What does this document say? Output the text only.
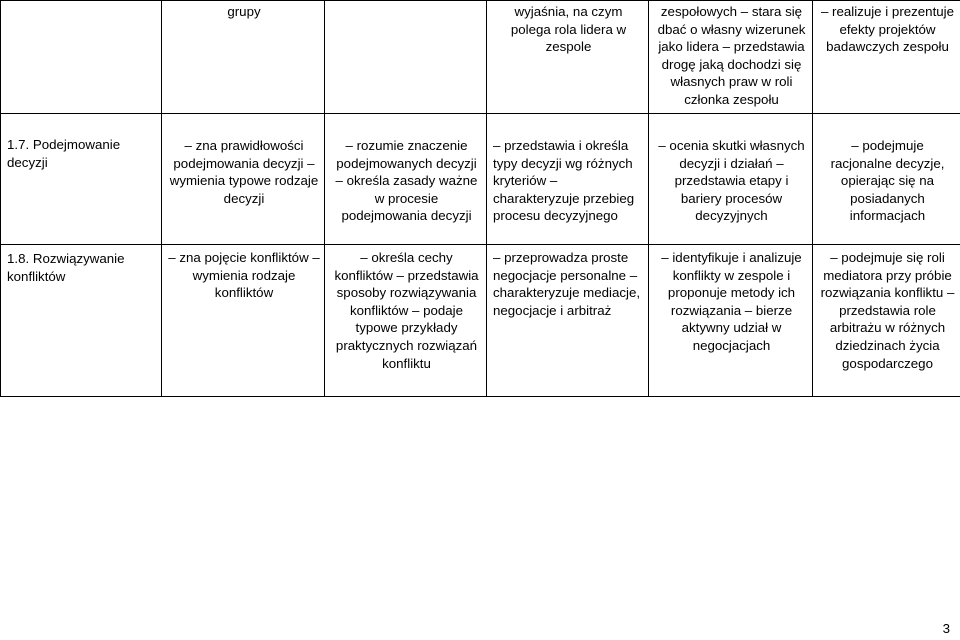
	grupy		wyjaśnia, na czym polega rola lidera w zespole	zespołowych – stara się dbać o własny wizerunek jako lidera – przedstawia drogę jaką dochodzi się własnych praw w roli członka zespołu	– realizuje i prezentuje efekty projektów badawczych zespołu

1.7. Podejmowanie decyzji	– zna prawidłowości podejmowania decyzji – wymienia typowe rodzaje decyzji	– rozumie znaczenie podejmowanych decyzji – określa zasady ważne w procesie podejmowania decyzji	– przedstawia i określa typy decyzji wg różnych kryteriów – charakteryzuje przebieg procesu decyzyjnego	– ocenia skutki własnych decyzji i działań – przedstawia etapy i bariery procesów decyzyjnych	– podejmuje racjonalne decyzje, opierając się na posiadanych informacjach

1.8. Rozwiązywanie konfliktów	– zna pojęcie konfliktów – wymienia rodzaje konfliktów	– określa cechy konfliktów – przedstawia sposoby rozwiązywania konfliktów – podaje typowe przykłady praktycznych rozwiązań konfliktu	– przeprowadza proste negocjacje personalne – charakteryzuje mediacje, negocjacje i arbitraż	– identyfikuje i analizuje konflikty w zespole i proponuje metody ich rozwiązania – bierze aktywny udział w negocjacjach	– podejmuje się roli mediatora przy próbie rozwiązania konfliktu – przedstawia role arbitrażu w różnych dziedzinach życia gospodarczego
3
